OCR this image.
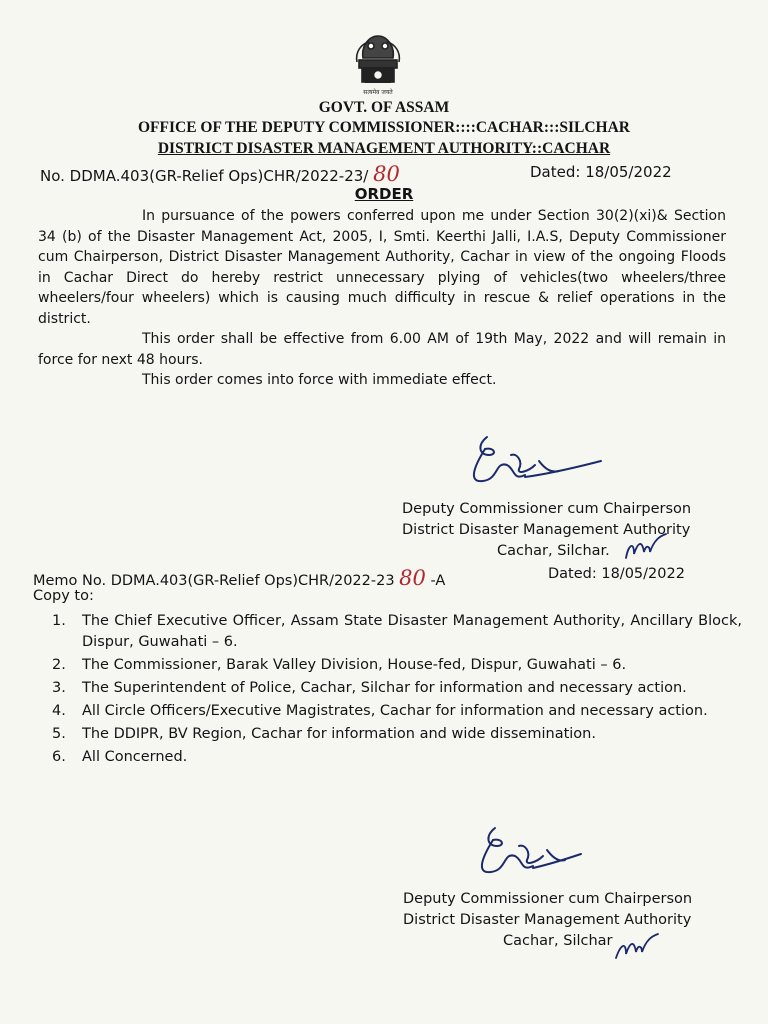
सत्यमेव जयते
GOVT. OF ASSAM
OFFICE OF THE DEPUTY COMMISSIONER::::CACHAR:::SILCHAR
DISTRICT DISASTER MANAGEMENT AUTHORITY::CACHAR
No. DDMA.403(GR-Relief Ops)CHR/2022-23/ 80	Dated: 18/05/2022
ORDER

In pursuance of the powers conferred upon me under Section 30(2)(xi)& Section 34 (b) of the Disaster Management Act, 2005, I, Smti. Keerthi Jalli, I.A.S, Deputy Commissioner cum Chairperson, District Disaster Management Authority, Cachar in view of the ongoing Floods in Cachar Direct do hereby restrict unnecessary plying of vehicles(two wheelers/three wheelers/four wheelers) which is causing much difficulty in rescue & relief operations in the district.

This order shall be effective from 6.00 AM of 19th May, 2022 and will remain in force for next 48 hours.

This order comes into force with immediate effect.

Deputy Commissioner cum Chairperson
District Disaster Management Authority
Cachar, Silchar.
Memo No. DDMA.403(GR-Relief Ops)CHR/2022-23 80 -A	Dated: 18/05/2022
Copy to:
1.	The Chief Executive Officer, Assam State Disaster Management Authority, Ancillary Block, Dispur, Guwahati – 6.
2.	The Commissioner, Barak Valley Division, House-fed, Dispur, Guwahati – 6.
3.	The Superintendent of Police, Cachar, Silchar for information and necessary action.
4.	All Circle Officers/Executive Magistrates, Cachar for information and necessary action.
5.	The DDIPR, BV Region, Cachar for information and wide dissemination.
6.	All Concerned.
Deputy Commissioner cum Chairperson
District Disaster Management Authority
Cachar, Silchar
